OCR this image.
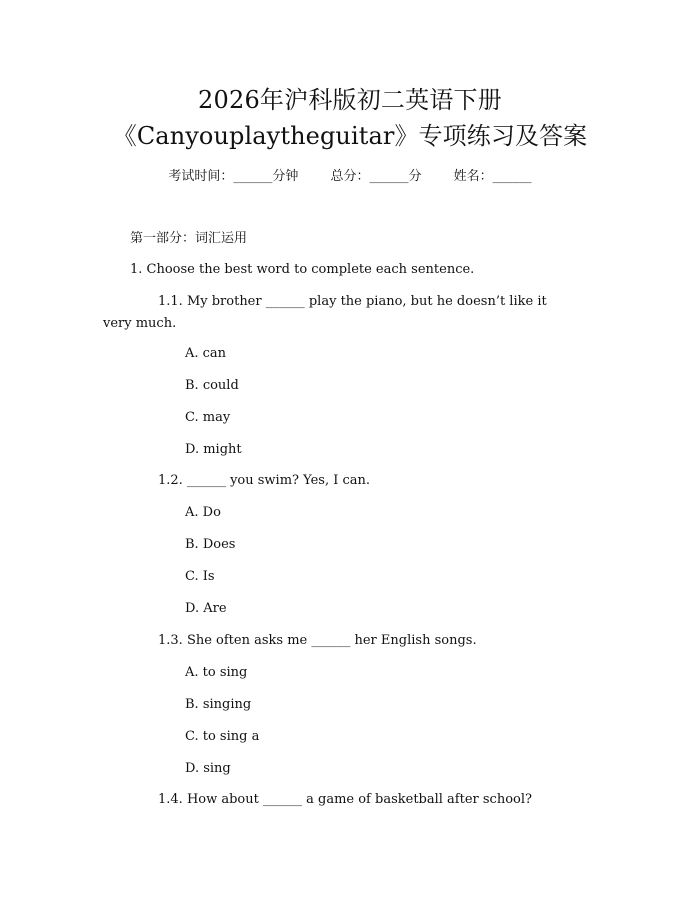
2026年沪科版初二英语下册
《Canyouplaytheguitar》专项练习及答案
考试时间：______分钟 总分：______分 姓名：______
第一部分：词汇运用
1. Choose the best word to complete each sentence.
1.1. My brother ______ play the piano, but he doesn’t like it
very much.
A. can
B. could
C. may
D. might
1.2. ______ you swim? Yes, I can.
A. Do
B. Does
C. Is
D. Are
1.3. She often asks me ______ her English songs.
A. to sing
B. singing
C. to sing a
D. sing
1.4. How about ______ a game of basketball after school?
